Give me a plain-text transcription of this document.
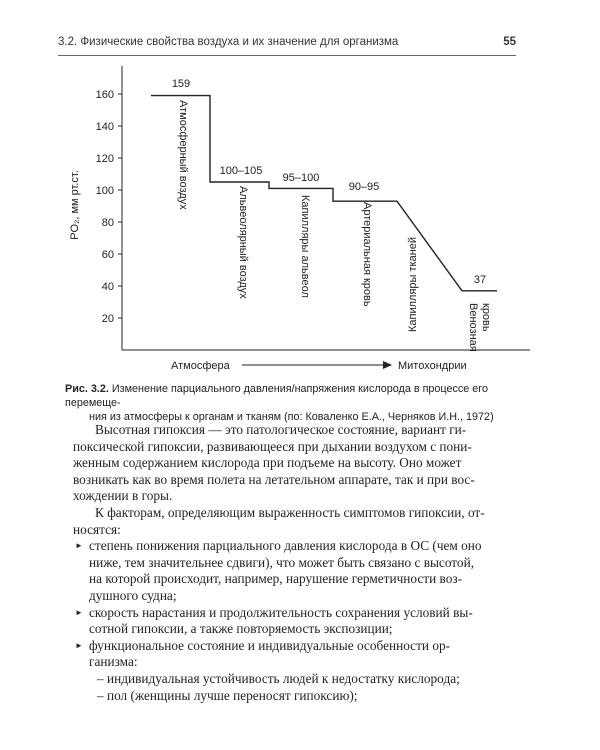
3.2. Физические свойства воздуха и их значение для организма	55
20
40
60
80
100
120
140
160
PO₂, мм рт.ст.
159
100–105
95–100
90–95
37
Атмосферный воздух
Альвеолярный воздух	Капилляры альвеол	Артериальная кровь	Капилляры тканей	Венозная кровь
Атмосфера	Митохондрии
Рис. 3.2. Изменение парциального давления/напряжения кислорода в процессе его перемеще-
ния из атмосферы к органам и тканям (по: Коваленко Е.А., Черняков И.Н., 1972)

Высотная гипоксия — это патологическое состояние, вариант ги-
поксической гипоксии, развивающееся при дыхании воздухом с пони-
женным содержанием кислорода при подъеме на высоту. Оно может
возникать как во время полета на летательном аппарате, так и при вос-
хождении в горы.

К факторам, определяющим выраженность симптомов гипоксии, от-
носятся:

► степень понижения парциального давления кислорода в ОС (чем оно
ниже, тем значительнее сдвиги), что может быть связано с высотой,
на которой происходит, например, нарушение герметичности воз-
душного судна;
► скорость нарастания и продолжительность сохранения условий вы-
сотной гипоксии, а также повторяемость экспозиции;
► функциональное состояние и индивидуальные особенности ор-
ганизма:
– индивидуальная устойчивость людей к недостатку кислорода;
– пол (женщины лучше переносят гипоксию);
